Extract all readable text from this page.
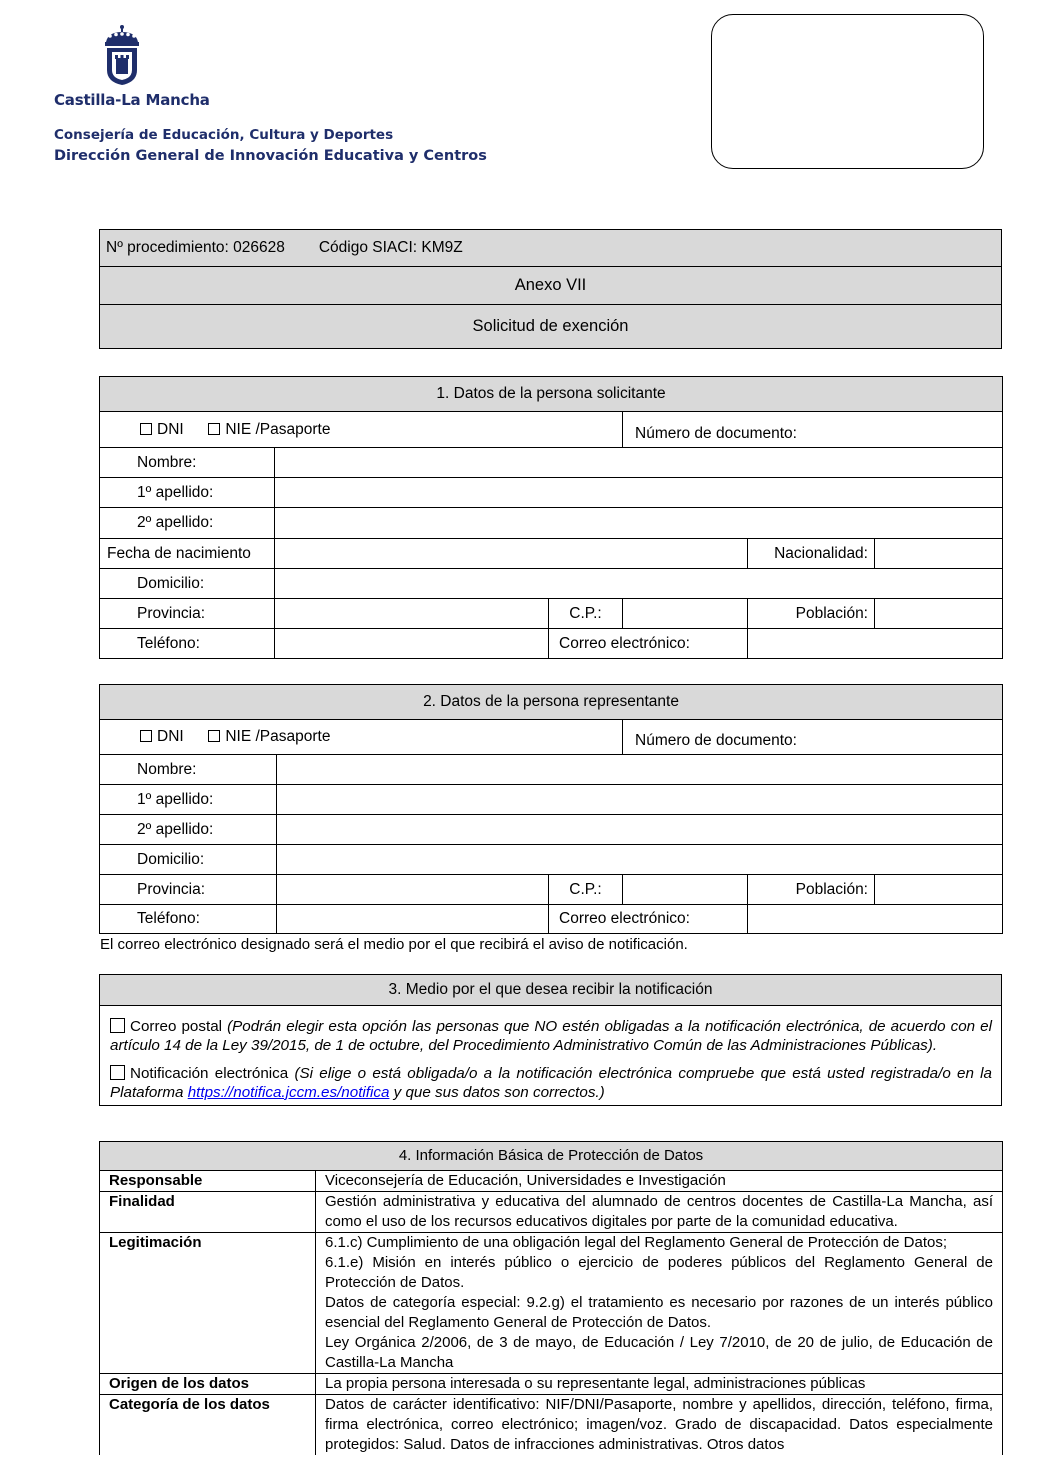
Castilla-La Mancha
Consejería de Educación, Cultura y Deportes
Dirección General de Innovación Educativa y Centros
Nº procedimiento: 026628 Código SIACI: KM9Z
Anexo VII
Solicitud de exención
1. Datos de la persona solicitante					
DNI NIE /Pasaporte			Número de documento:		
Nombre:					
1º apellido:					
2º apellido:					
Fecha de nacimiento				Nacionalidad:	
Domicilio:					
Provincia:		C.P.:		Población:	
Teléfono:		Correo electrónico:			
2. Datos de la persona representante					
DNI NIE /Pasaporte			Número de documento:		
Nombre:					
1º apellido:					
2º apellido:					
Domicilio:					
Provincia:		C.P.:		Población:	
Teléfono:		Correo electrónico:			
El correo electrónico designado será el medio por el que recibirá el aviso de notificación.
3. Medio por el que desea recibir la notificación
Correo postal (Podrán elegir esta opción las personas que NO estén obligadas a la notificación electrónica, de acuerdo con el artículo 14 de la Ley 39/2015, de 1 de octubre, del Procedimiento Administrativo Común de las Administraciones Públicas).
Notificación electrónica (Si elige o está obligada/o a la notificación electrónica compruebe que está usted registrada/o en la Plataforma https://notifica.jccm.es/notifica y que sus datos son correctos.)
4. Información Básica de Protección de Datos	
Responsable	Viceconsejería de Educación, Universidades e Investigación
Finalidad	Gestión administrativa y educativa del alumnado de centros docentes de Castilla-La Mancha, así como el uso de los recursos educativos digitales por parte de la comunidad educativa.
Legitimación	6.1.c) Cumplimiento de una obligación legal del Reglamento General de Protección de Datos;
6.1.e) Misión en interés público o ejercicio de poderes públicos del Reglamento General de Protección de Datos.
Datos de categoría especial: 9.2.g) el tratamiento es necesario por razones de un interés público esencial del Reglamento General de Protección de Datos.
Ley Orgánica 2/2006, de 3 de mayo, de Educación / Ley 7/2010, de 20 de julio, de Educación de Castilla-La Mancha

Origen de los datos	La propia persona interesada o su representante legal, administraciones públicas
Categoría de los datos	Datos de carácter identificativo: NIF/DNI/Pasaporte, nombre y apellidos, dirección, teléfono, firma, firma electrónica, correo electrónico; imagen/voz. Grado de discapacidad. Datos especialmente protegidos: Salud. Datos de infracciones administrativas. Otros datos
